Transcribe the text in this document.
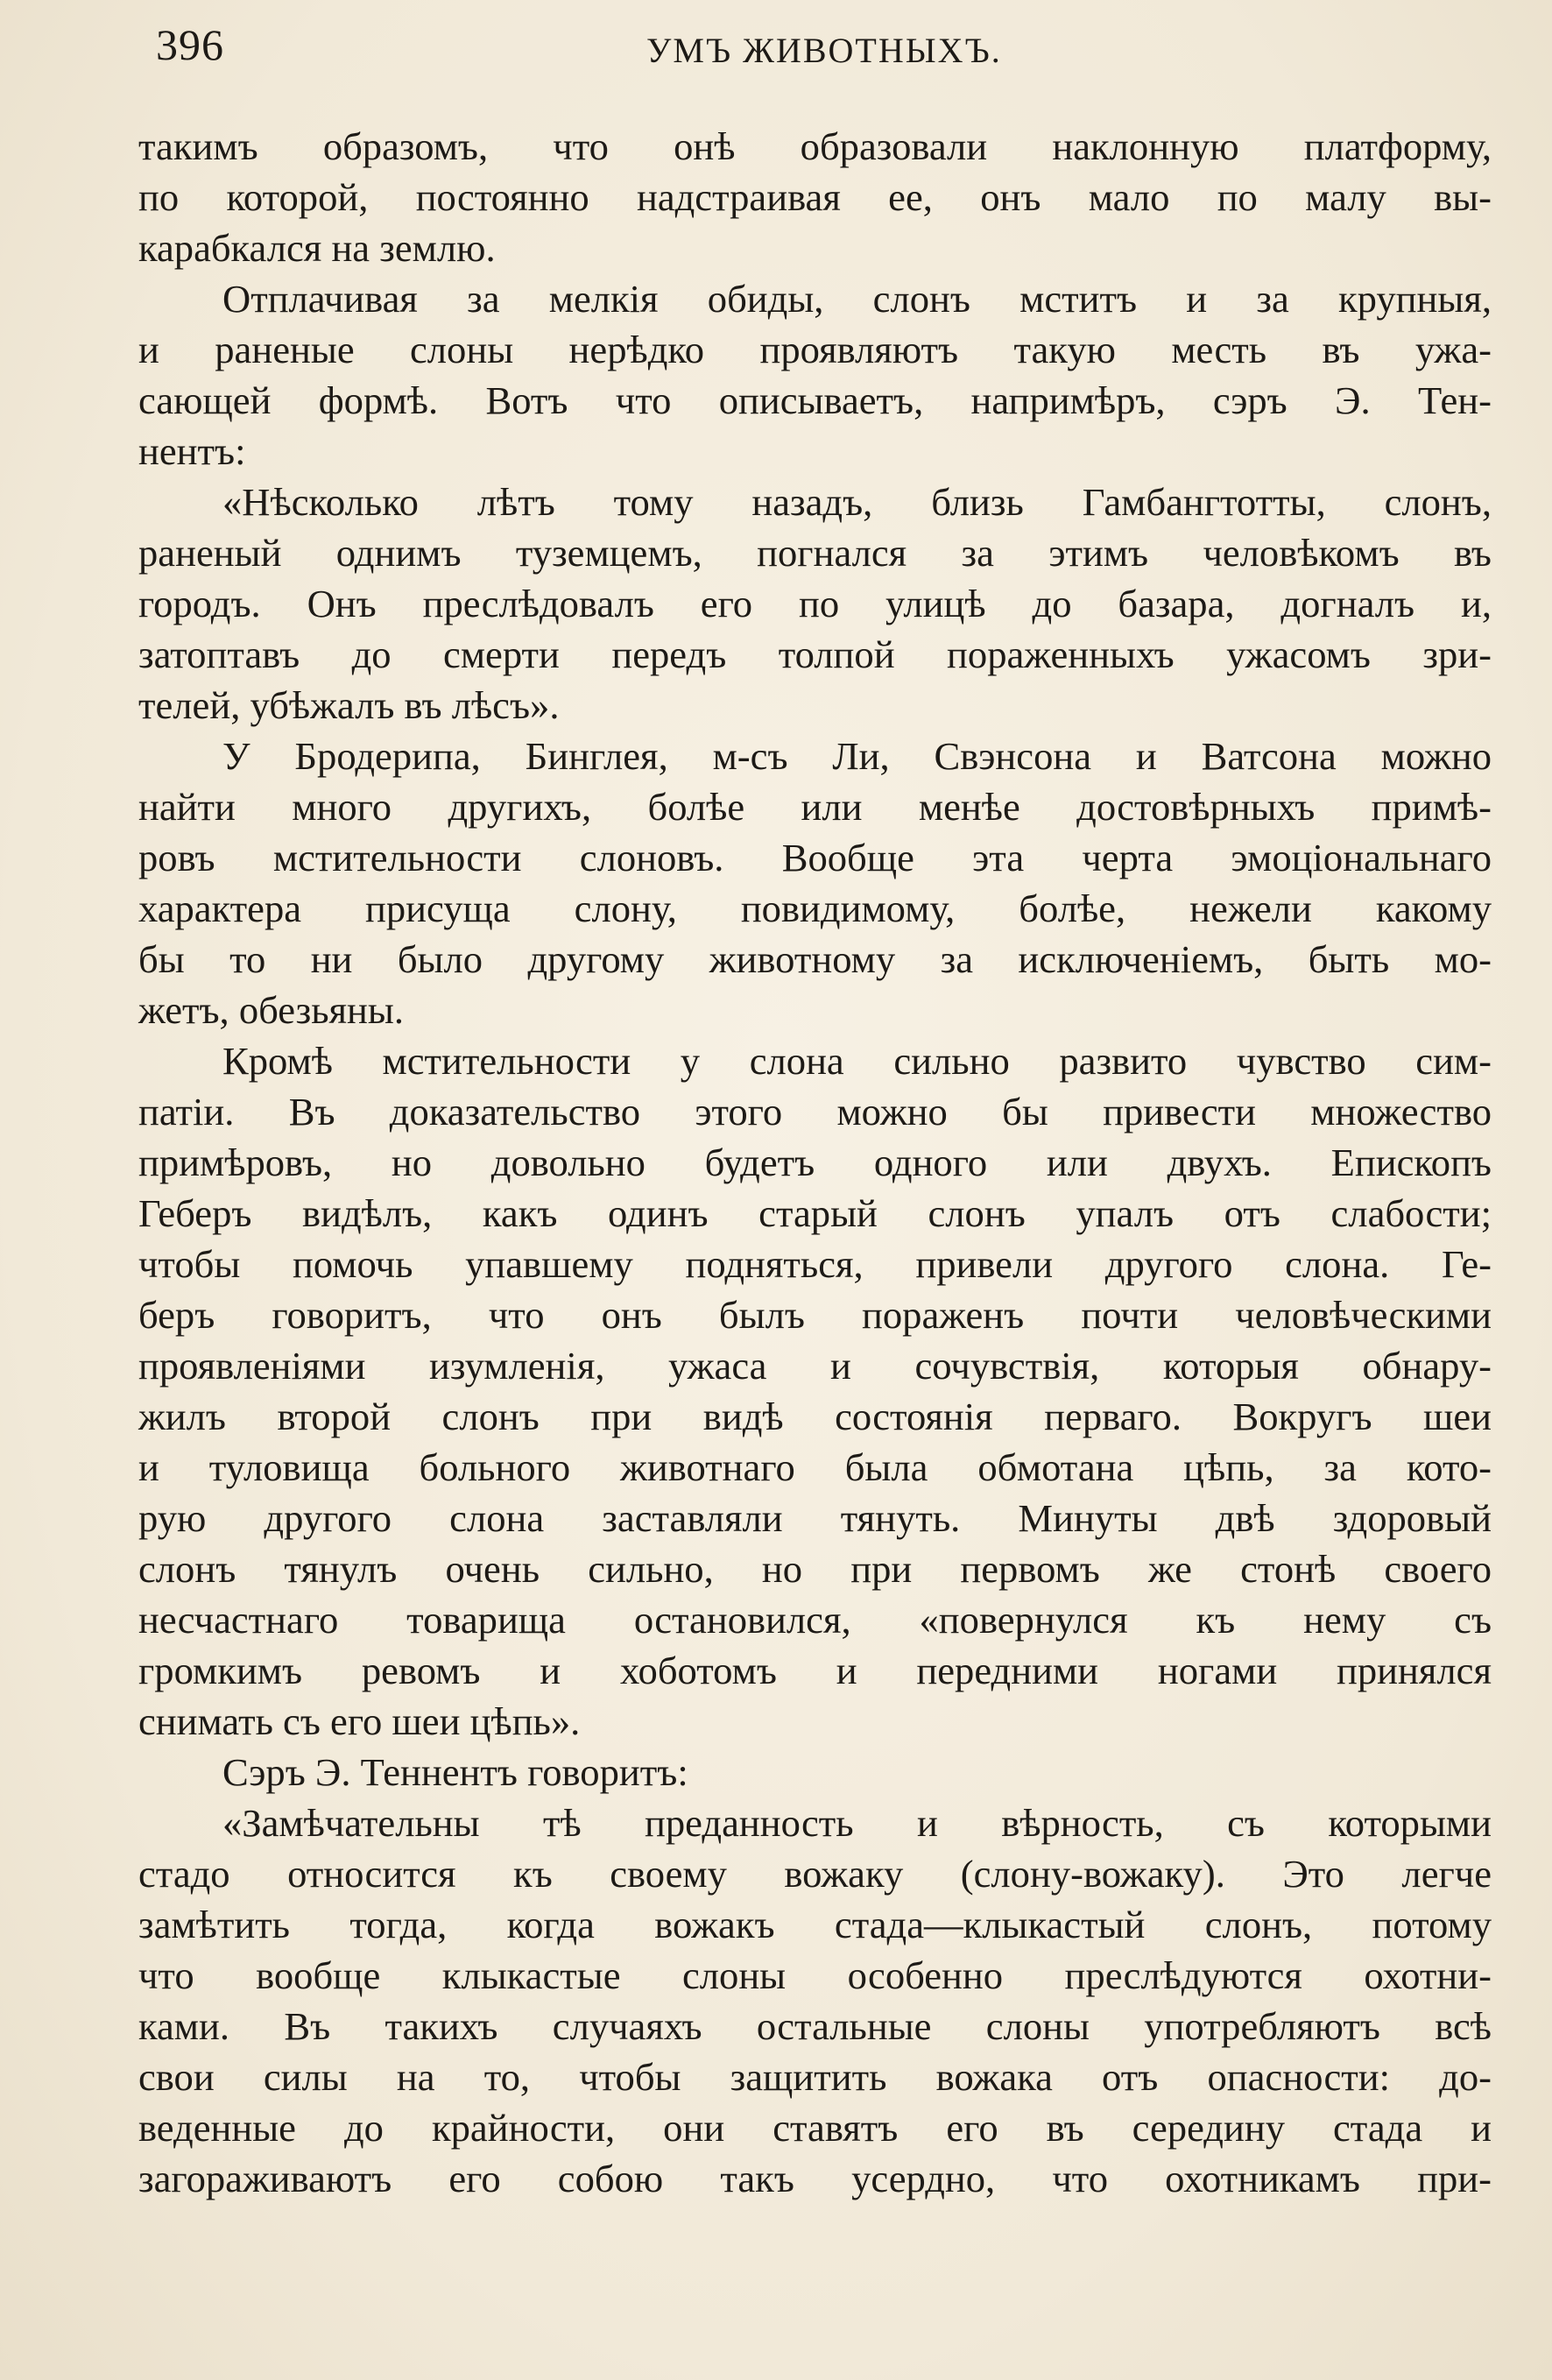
396	УМЪ ЖИВОТНЫХЪ.
такимъ образомъ, что онѣ образовали наклонную платформу,
по которой, постоянно надстраивая ее, онъ мало по малу вы-
карабкался на землю.
Отплачивая за мелкія обиды, слонъ мститъ и за крупныя,
и раненые слоны нерѣдко проявляютъ такую месть въ ужа-
сающей формѣ. Вотъ что описываетъ, напримѣръ, сэръ Э. Тен-
нентъ:
«Нѣсколько лѣтъ тому назадъ, близь Гамбангтотты, слонъ,
раненый однимъ туземцемъ, погнался за этимъ человѣкомъ въ
городъ. Онъ преслѣдовалъ его по улицѣ до базара, догналъ и,
затоптавъ до смерти передъ толпой пораженныхъ ужасомъ зри-
телей, убѣжалъ въ лѣсъ».
У Бродерипа, Бинглея, м-съ Ли, Свэнсона и Ватсона можно
найти много другихъ, болѣе или менѣе достовѣрныхъ примѣ-
ровъ мстительности слоновъ. Вообще эта черта эмоціональнаго
характера присуща слону, повидимому, болѣе, нежели какому
бы то ни было другому животному за исключеніемъ, быть мо-
жетъ, обезьяны.
Кромѣ мстительности у слона сильно развито чувство сим-
патіи. Въ доказательство этого можно бы привести множество
примѣровъ, но довольно будетъ одного или двухъ. Епископъ
Геберъ видѣлъ, какъ одинъ старый слонъ упалъ отъ слабости;
чтобы помочь упавшему подняться, привели другого слона. Ге-
беръ говоритъ, что онъ былъ пораженъ почти человѣческими
проявленіями изумленія, ужаса и сочувствія, которыя обнару-
жилъ второй слонъ при видѣ состоянія перваго. Вокругъ шеи
и туловища больного животнаго была обмотана цѣпь, за кото-
рую другого слона заставляли тянуть. Минуты двѣ здоровый
слонъ тянулъ очень сильно, но при первомъ же стонѣ своего
несчастнаго товарища остановился, «повернулся къ нему съ
громкимъ ревомъ и хоботомъ и передними ногами принялся
снимать съ его шеи цѣпь».
Сэръ Э. Теннентъ говоритъ:
«Замѣчательны тѣ преданность и вѣрность, съ которыми
стадо относится къ своему вожаку (слону-вожаку). Это легче
замѣтить тогда, когда вожакъ стада—клыкастый слонъ, потому
что вообще клыкастые слоны особенно преслѣдуются охотни-
ками. Въ такихъ случаяхъ остальные слоны употребляютъ всѣ
свои силы на то, чтобы защитить вожака отъ опасности: до-
веденные до крайности, они ставятъ его въ середину стада и
загораживаютъ его собою такъ усердно, что охотникамъ при-
